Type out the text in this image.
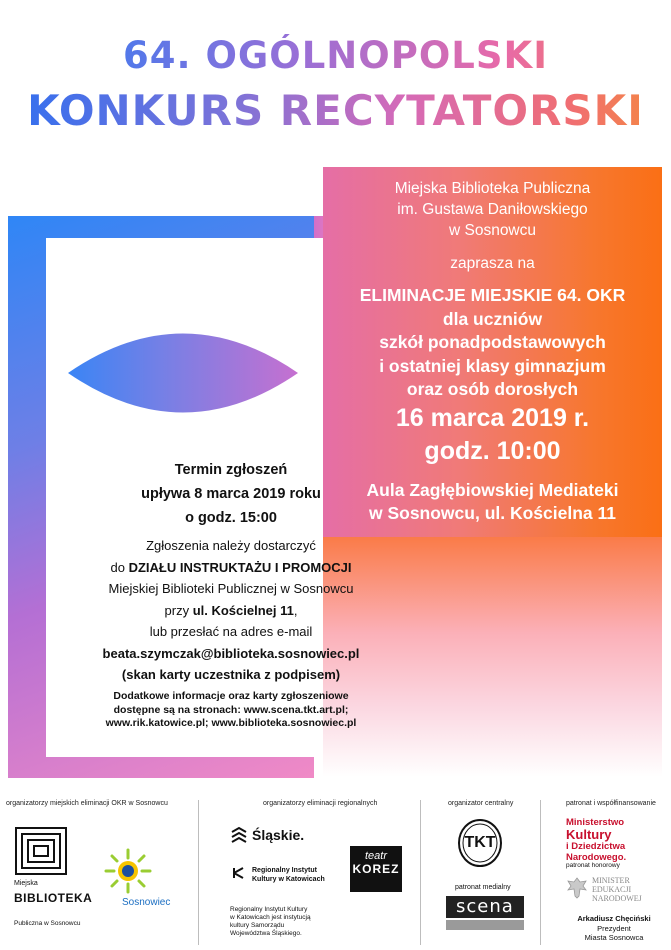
64. OGÓLNOPOLSKI
KONKURS RECYTATORSKI
Miejska Biblioteka Publiczna
im. Gustawa Daniłowskiego
w Sosnowcu
zaprasza na
ELIMINACJE MIEJSKIE 64. OKR
dla uczniów
szkół ponadpodstawowych
i ostatniej klasy gimnazjum
oraz osób dorosłych
16 marca 2019 r.
godz. 10:00
Aula Zagłębiowskiej Mediateki
w Sosnowcu, ul. Kościelna 11
Termin zgłoszeń
upływa 8 marca 2019 roku
o godz. 15:00
Zgłoszenia należy dostarczyć
do DZIAŁU INSTRUKTAŻU I PROMOCJI
Miejskiej Biblioteki Publicznej w Sosnowcu
przy ul. Kościelnej 11,
lub przesłać na adres e-mail
beata.szymczak@biblioteka.sosnowiec.pl
(skan karty uczestnika z podpisem)
Dodatkowe informacje oraz karty zgłoszeniowe
dostępne są na stronach: www.scena.tkt.art.pl;
www.rik.katowice.pl; www.biblioteka.sosnowiec.pl
organizatorzy miejskich eliminacji OKR w Sosnowcu	organizatorzy eliminacji regionalnych	organizator centralny	patronat i współfinansowanie
Miejska
BIBLIOTEKA
Publiczna w Sosnowcu
Sosnowiec
Śląskie.
Regionalny Instytut
Kultury w Katowicach
Regionalny Instytut Kultury
w Katowicach jest instytucją
kultury Samorządu
Województwa Śląskiego.
teatr
KOREZ
TKT
patronat medialny
scena
Ministerstwo
Kultury
i Dziedzictwa
Narodowego.
patronat honorowy
MINISTER
EDUKACJI
NARODOWEJ
Arkadiusz Chęciński
Prezydent
Miasta Sosnowca
